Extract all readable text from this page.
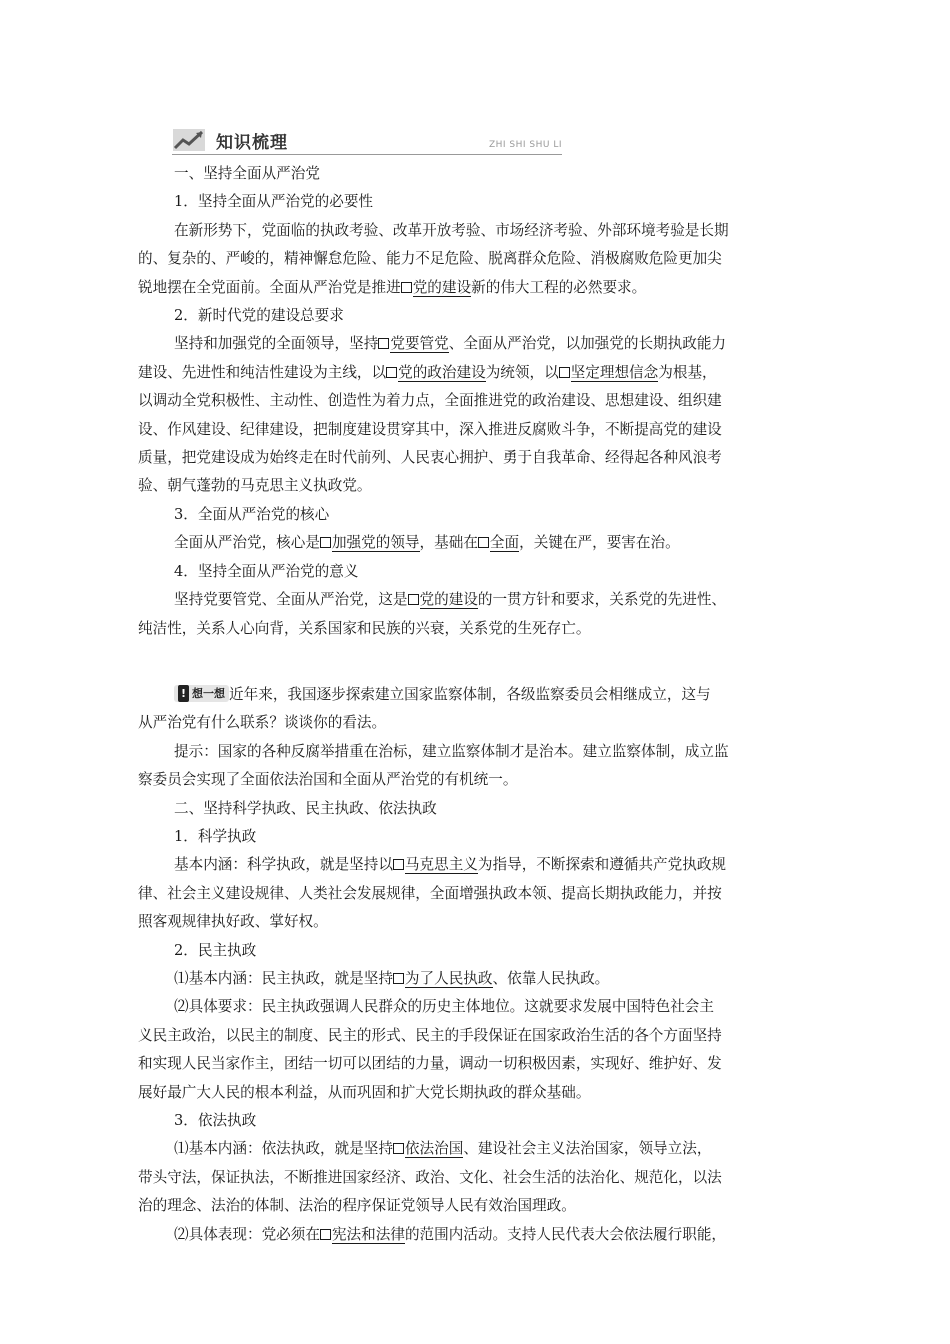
知识梳理	ZHI SHI SHU LI
一、坚持全面从严治党
1．坚持全面从严治党的必要性
在新形势下，党面临的执政考验、改革开放考验、市场经济考验、外部环境考验是长期
的、复杂的、严峻的，精神懈怠危险、能力不足危险、脱离群众危险、消极腐败危险更加尖
锐地摆在全党面前。全面从严治党是推进 党的建设新的伟大工程的必然要求。
2．新时代党的建设总要求
坚持和加强党的全面领导，坚持 党要管党、全面从严治党，以加强党的长期执政能力
建设、先进性和纯洁性建设为主线，以 党的政治建设为统领，以 坚定理想信念为根基，
以调动全党积极性、主动性、创造性为着力点，全面推进党的政治建设、思想建设、组织建
设、作风建设、纪律建设，把制度建设贯穿其中，深入推进反腐败斗争，不断提高党的建设
质量，把党建设成为始终走在时代前列、人民衷心拥护、勇于自我革命、经得起各种风浪考
验、朝气蓬勃的马克思主义执政党。
3．全面从严治党的核心
全面从严治党，核心是 加强党的领导，基础在 全面，关键在严，要害在治。
4．坚持全面从严治党的意义
坚持党要管党、全面从严治党，这是 党的建设的一贯方针和要求，关系党的先进性、
纯洁性，关系人心向背，关系国家和民族的兴衰，关系党的生死存亡。
! 想一想 近年来，我国逐步探索建立国家监察体制，各级监察委员会相继成立，这与
从严治党有什么联系？谈谈你的看法。
提示：国家的各种反腐举措重在治标，建立监察体制才是治本。建立监察体制，成立监
察委员会实现了全面依法治国和全面从严治党的有机统一。
二、坚持科学执政、民主执政、依法执政
1．科学执政
基本内涵：科学执政，就是坚持以 马克思主义为指导，不断探索和遵循共产党执政规
律、社会主义建设规律、人类社会发展规律，全面增强执政本领、提高长期执政能力，并按
照客观规律执好政、掌好权。
2．民主执政
⑴基本内涵：民主执政，就是坚持 为了人民执政、依靠人民执政。
⑵具体要求：民主执政强调人民群众的历史主体地位。这就要求发展中国特色社会主
义民主政治，以民主的制度、民主的形式、民主的手段保证在国家政治生活的各个方面坚持
和实现人民当家作主，团结一切可以团结的力量，调动一切积极因素，实现好、维护好、发
展好最广大人民的根本利益，从而巩固和扩大党长期执政的群众基础。
3．依法执政
⑴基本内涵：依法执政，就是坚持 依法治国、建设社会主义法治国家，领导立法，
带头守法，保证执法，不断推进国家经济、政治、文化、社会生活的法治化、规范化，以法
治的理念、法治的体制、法治的程序保证党领导人民有效治国理政。
⑵具体表现：党必须在 宪法和法律的范围内活动。支持人民代表大会依法履行职能，
